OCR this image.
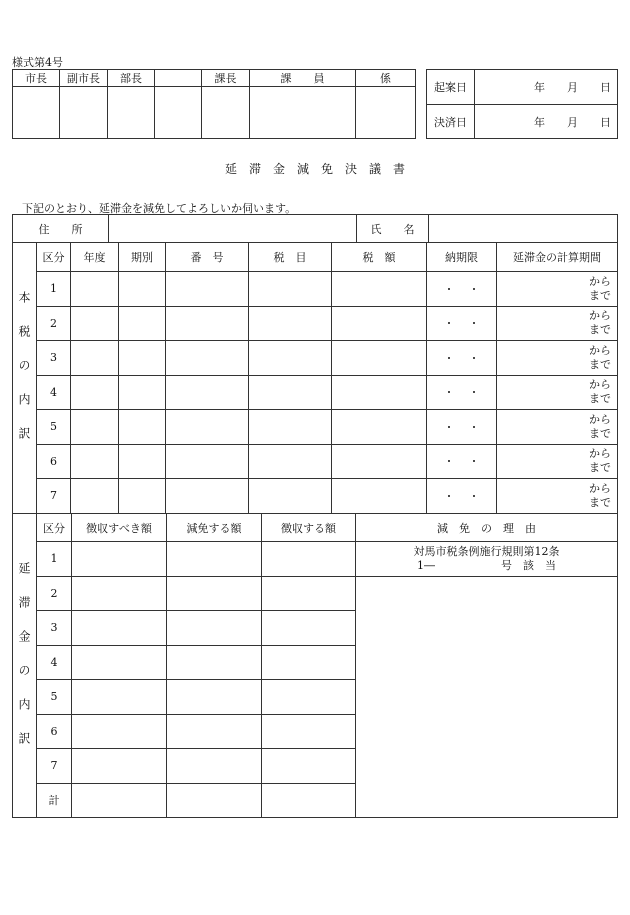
様式第4号
市長	副市長	部長		課長	課　　員	係

起案日	年　　月　　日
決済日	年　　月　　日
延　滞　金　減　免　決　議　書
下記のとおり、延滞金を減免してよろしいか伺います。
住　　所		氏　　名	
本税の内訳	区分	年度	期別	番　号	税　目	税　額	納期限	延滞金の計算期間
	1						・・	から
まで

	2						・・	から
まで

	3						・・	から
まで

	4						・・	から
まで

	5						・・	から
まで

	6						・・	から
まで

	7						・・	から
まで
延滞金の内訳	区分	徴収すべき額	減免する額	徴収する額	減　免　の　理　由
	1				対馬市税条例施行規則第12条
1―　　　　　　号　該　当

	2				
	3				
	4				
	5				
	6				
	7				
	計				
